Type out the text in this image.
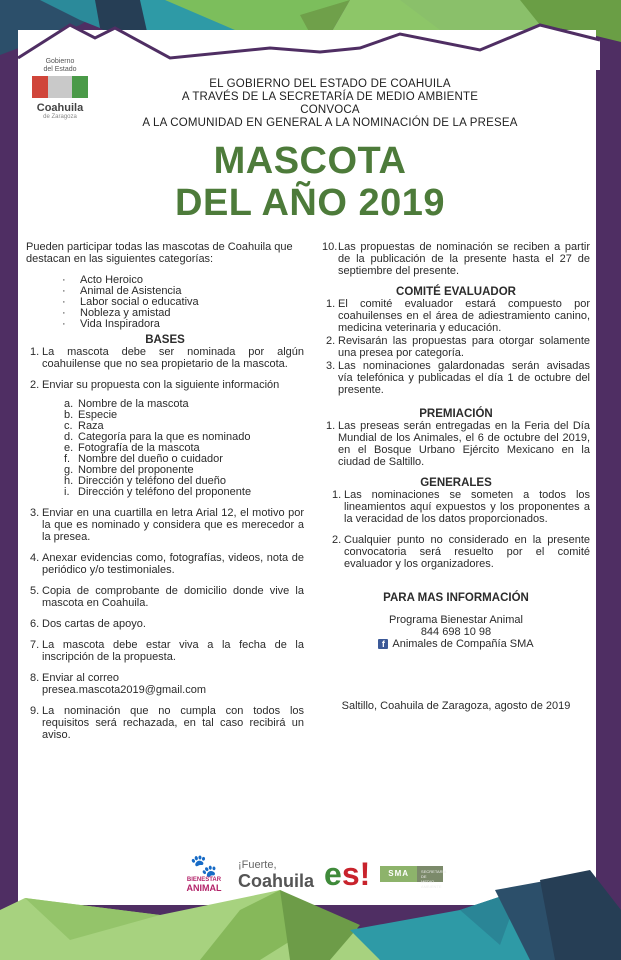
Gobierno
del Estado
Coahuila
de Zaragoza
EL GOBIERNO DEL ESTADO DE COAHUILA
A TRAVÉS DE LA SECRETARÍA DE MEDIO AMBIENTE
CONVOCA
A LA COMUNIDAD EN GENERAL A LA NOMINACIÓN DE LA PRESEA
MASCOTA
DEL AÑO 2019

Pueden participar todas las mascotas de Coahuila que destacan en las siguientes categorías:

· Acto Heroico
· Animal de Asistencia
· Labor social o educativa
· Nobleza y amistad
· Vida Inspiradora
BASES
1. La mascota debe ser nominada por algún coahuilense que no sea propietario de la mascota.
2. Enviar su propuesta con la siguiente información
a. Nombre de la mascota
b. Especie
c. Raza
d. Categoría para la que es nominado
e. Fotografía de la mascota
f. Nombre del dueño o cuidador
g. Nombre del proponente
h. Dirección y teléfono del dueño
i. Dirección y teléfono del proponente
3. Enviar en una cuartilla en letra Arial 12, el motivo por la que es nominado y considera que es merecedor a la presea.
4. Anexar evidencias como, fotografías, videos, nota de periódico y/o testimoniales.
5. Copia de comprobante de domicilio donde vive la mascota en Coahuila.
6. Dos cartas de apoyo.
7. La mascota debe estar viva a la fecha de la inscripción de la propuesta.
8. Enviar al correo
presea.mascota2019@gmail.com
9. La nominación que no cumpla con todos los requisitos será rechazada, en tal caso recibirá un aviso.
10. Las propuestas de nominación se reciben a partir de la publicación de la presente hasta el 27 de septiembre del presente.
COMITÉ EVALUADOR
1. El comité evaluador estará compuesto por coahuilenses en el área de adiestramiento canino, medicina veterinaria y educación.
2. Revisarán las propuestas para otorgar solamente una presea por categoría.
3. Las nominaciones galardonadas serán avisadas vía telefónica y publicadas el día 1 de octubre del presente.
PREMIACIÓN
1. Las preseas serán entregadas en la Feria del Día Mundial de los Animales, el 6 de octubre del 2019, en el Bosque Urbano Ejército Mexicano en la ciudad de Saltillo.
GENERALES
1. Las nominaciones se someten a todos los lineamientos aquí expuestos y los proponentes a la veracidad de los datos proporcionados.
2. Cualquier punto no considerado en la presente convocatoria será resuelto por el comité evaluador y los organizadores.
PARA MAS INFORMACIÓN
Programa Bienestar Animal
844 698 10 98
f Animales de Compañía SMA
Saltillo, Coahuila de Zaragoza, agosto de 2019
🐾
BIENESTAR
ANIMAL
¡Fuerte,
Coahuila es!	SMA	SECRETARÍA DE MEDIO AMBIENTE
